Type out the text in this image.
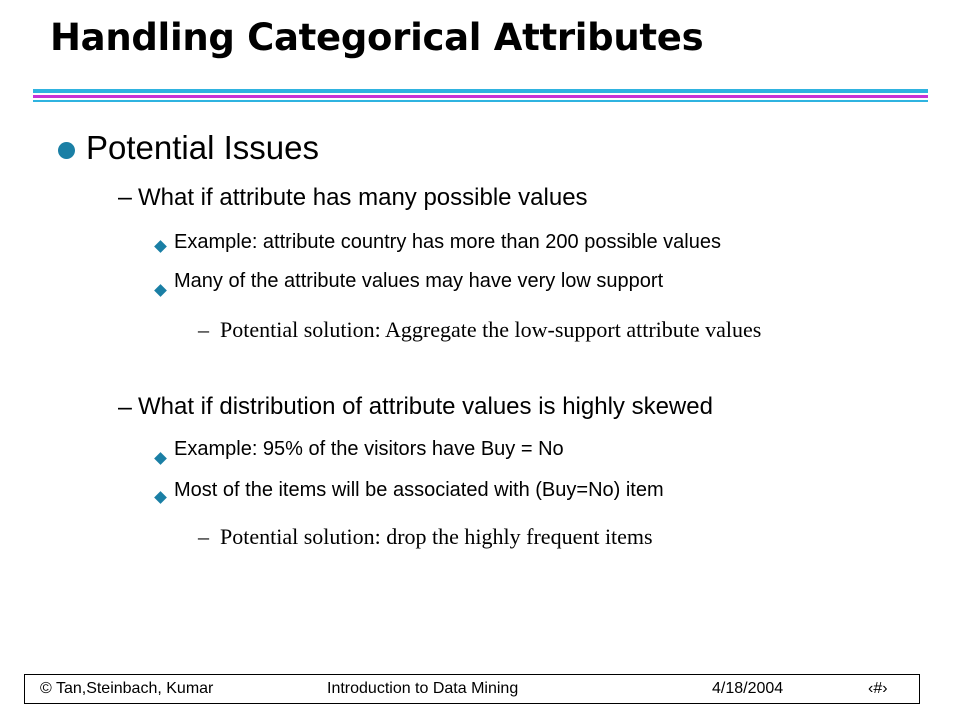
Handling Categorical Attributes
Potential Issues
– What if attribute has many possible values
Example: attribute country has more than 200 possible values
Many of the attribute values may have very low support
– Potential solution: Aggregate the low-support attribute values
– What if distribution of attribute values is highly skewed
Example: 95% of the visitors have Buy = No
Most of the items will be associated with (Buy=No) item
– Potential solution: drop the highly frequent items
© Tan,Steinbach, Kumar	Introduction to Data Mining	4/18/2004	‹#›
